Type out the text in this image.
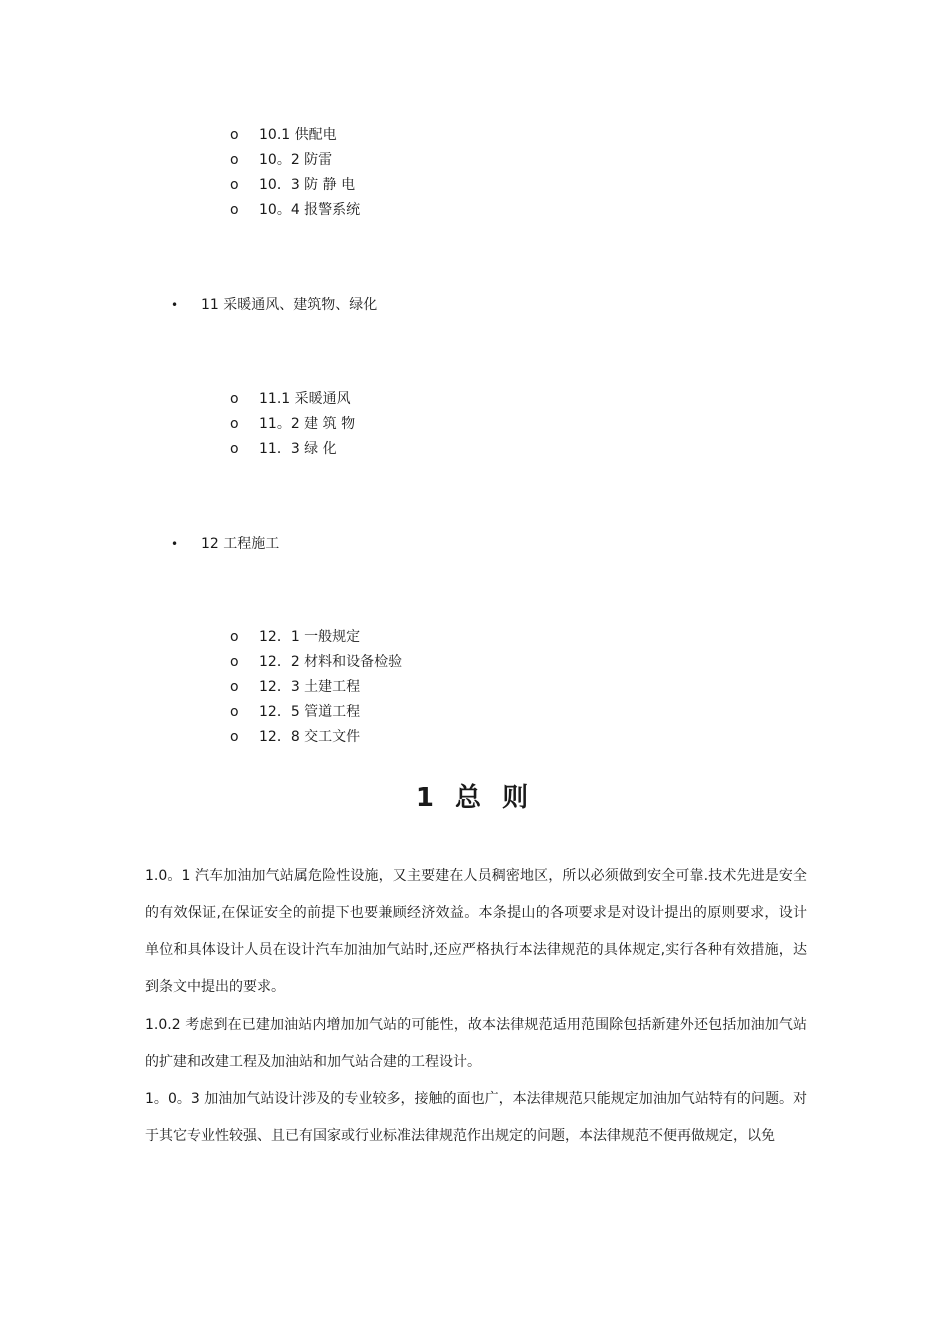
o 10.1 供配电
o 10。2 防雷
o 10．3 防 静 电
o 10。4 报警系统
• 11 采暖通风、建筑物、绿化
o 11.1 采暖通风
o 11。2 建 筑 物
o 11．3 绿 化
• 12 工程施工
o 12．1 一般规定
o 12．2 材料和设备检验
o 12．3 土建工程
o 12．5 管道工程
o 12．8 交工文件
1 总 则

1.0。1 汽车加油加气站属危险性设施，又主要建在人员稠密地区，所以必须做到安全可靠.技术先进是安全的有效保证,在保证安全的前提下也要兼顾经济效益。本条提山的各项要求是对设计提出的原则要求，设计单位和具体设计人员在设计汽车加油加气站时,还应严格执行本法律规范的具体规定,实行各种有效措施，达到条文中提出的要求。

1.0.2 考虑到在已建加油站内增加加气站的可能性，故本法律规范适用范围除包括新建外还包括加油加气站的扩建和改建工程及加油站和加气站合建的工程设计。

1。0。3 加油加气站设计涉及的专业较多，接触的面也广，本法律规范只能规定加油加气站特有的问题。对于其它专业性较强、且已有国家或行业标准法律规范作出规定的问题，本法律规范不便再做规定，以免
